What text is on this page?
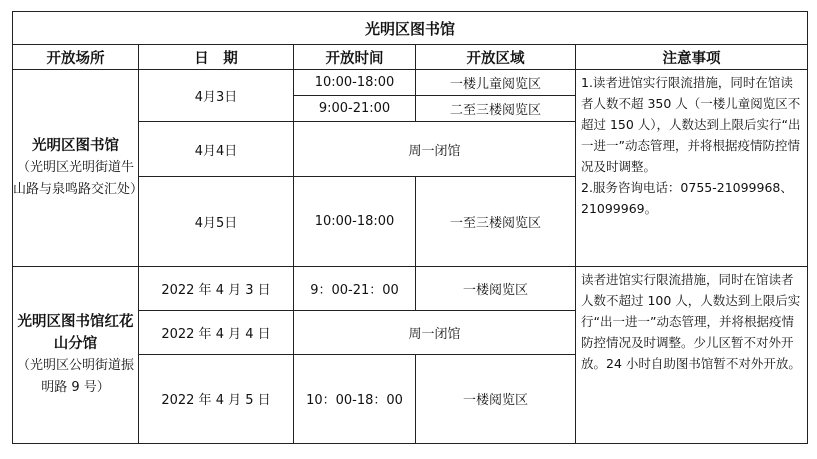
光明区图书馆				
开放场所	日　期	开放时间	开放区域	注意事项

光明区图书馆
（光明区光明街道牛山路与泉鸣路交汇处）	4月3日	10:00-18:00	一楼儿童阅览区	1.读者进馆实行限流措施，同时在馆读者人数不超 350 人（一楼儿童阅览区不超过 150 人），人数达到上限后实行“出一进一”动态管理，并将根据疫情防控情况及时调整。
2.服务咨询电话：0755-21099968、21099969。

		9:00-21:00	二至三楼阅览区	
	4月4日	周一闭馆		
	4月5日	10:00-18:00	一至三楼阅览区	

光明区图书馆红花山分馆
（光明区公明街道振明路 9 号）	2022 年 4 月 3 日	9：00-21：00	一楼阅览区	读者进馆实行限流措施，同时在馆读者人数不超过 100 人，人数达到上限后实行“出一进一”动态管理，并将根据疫情防控情况及时调整。少儿区暂不对外开放。24 小时自助图书馆暂不对外开放。
	2022 年 4 月 4 日	周一闭馆		
	2022 年 4 月 5 日	10：00-18：00	一楼阅览区	
